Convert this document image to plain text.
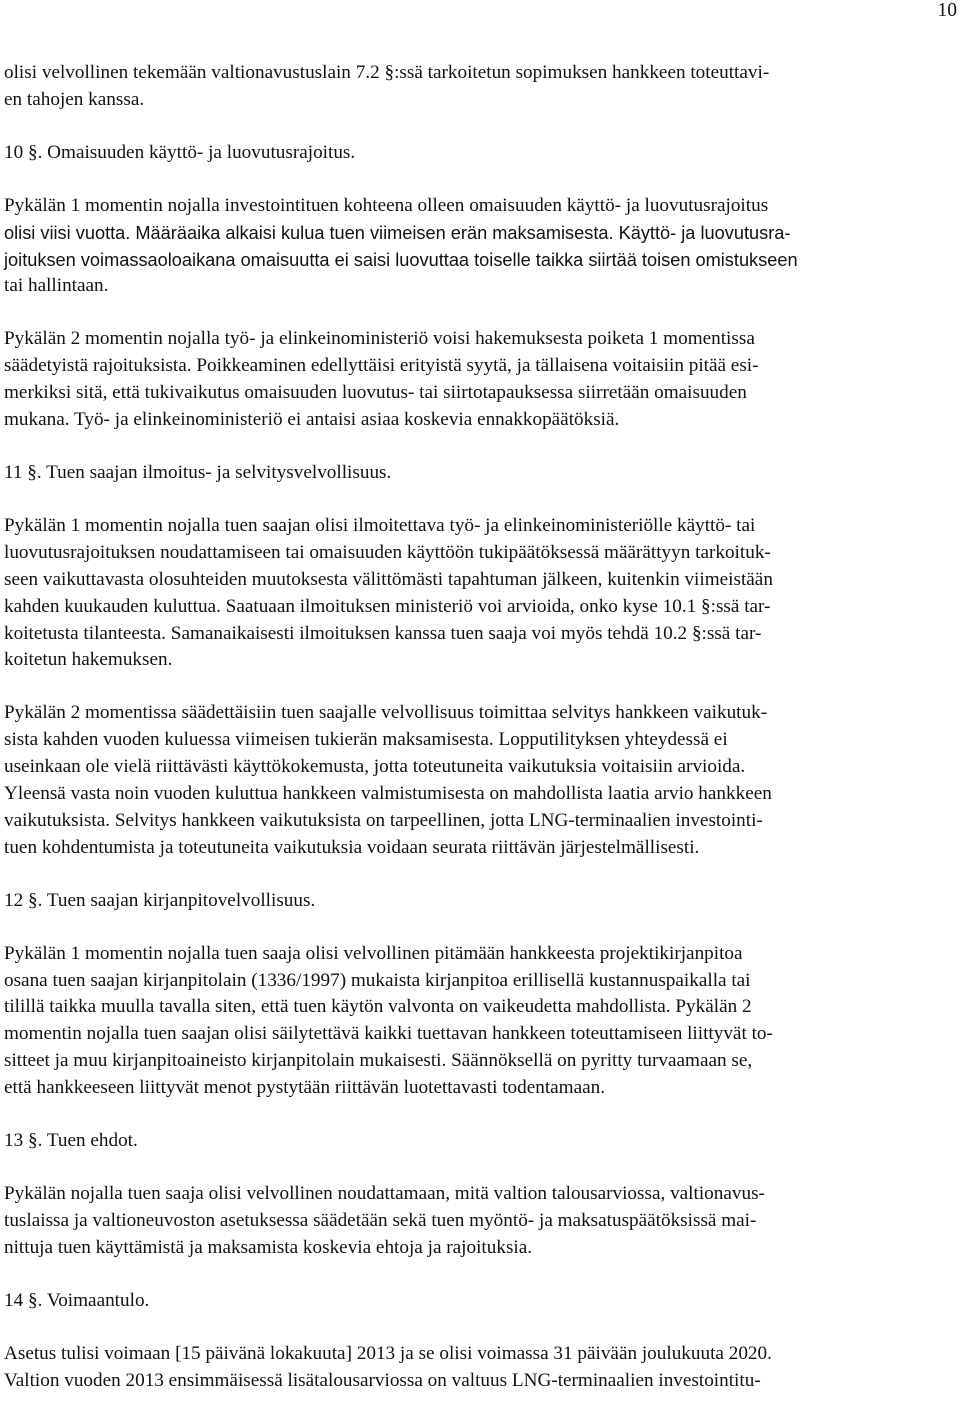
10
olisi velvollinen tekemään valtionavustuslain 7.2 §:ssä tarkoitetun sopimuksen hankkeen toteuttavi-
en tahojen kanssa.
10 §. Omaisuuden käyttö- ja luovutusrajoitus.
Pykälän 1 momentin nojalla investointituen kohteena olleen omaisuuden käyttö- ja luovutusrajoitus
olisi viisi vuotta. Määräaika alkaisi kulua tuen viimeisen erän maksamisesta. Käyttö- ja luovutusra-
joituksen voimassaoloaikana omaisuutta ei saisi luovuttaa toiselle taikka siirtää toisen omistukseen
tai hallintaan.
Pykälän 2 momentin nojalla työ- ja elinkeinoministeriö voisi hakemuksesta poiketa 1 momentissa
säädetyistä rajoituksista. Poikkeaminen edellyttäisi erityistä syytä, ja tällaisena voitaisiin pitää esi-
merkiksi sitä, että tukivaikutus omaisuuden luovutus- tai siirtotapauksessa siirretään omaisuuden
mukana. Työ- ja elinkeinoministeriö ei antaisi asiaa koskevia ennakkopäätöksiä.
11 §. Tuen saajan ilmoitus- ja selvitysvelvollisuus.
Pykälän 1 momentin nojalla tuen saajan olisi ilmoitettava työ- ja elinkeinoministeriölle käyttö- tai
luovutusrajoituksen noudattamiseen tai omaisuuden käyttöön tukipäätöksessä määrättyyn tarkoituk-
seen vaikuttavasta olosuhteiden muutoksesta välittömästi tapahtuman jälkeen, kuitenkin viimeistään
kahden kuukauden kuluttua. Saatuaan ilmoituksen ministeriö voi arvioida, onko kyse 10.1 §:ssä tar-
koitetusta tilanteesta. Samanaikaisesti ilmoituksen kanssa tuen saaja voi myös tehdä 10.2 §:ssä tar-
koitetun hakemuksen.
Pykälän 2 momentissa säädettäisiin tuen saajalle velvollisuus toimittaa selvitys hankkeen vaikutuk-
sista kahden vuoden kuluessa viimeisen tukierän maksamisesta. Lopputilityksen yhteydessä ei
useinkaan ole vielä riittävästi käyttökokemusta, jotta toteutuneita vaikutuksia voitaisiin arvioida.
Yleensä vasta noin vuoden kuluttua hankkeen valmistumisesta on mahdollista laatia arvio hankkeen
vaikutuksista. Selvitys hankkeen vaikutuksista on tarpeellinen, jotta LNG-terminaalien investointi-
tuen kohdentumista ja toteutuneita vaikutuksia voidaan seurata riittävän järjestelmällisesti.
12 §. Tuen saajan kirjanpitovelvollisuus.
Pykälän 1 momentin nojalla tuen saaja olisi velvollinen pitämään hankkeesta projektikirjanpitoa
osana tuen saajan kirjanpitolain (1336/1997) mukaista kirjanpitoa erillisellä kustannuspaikalla tai
tilillä taikka muulla tavalla siten, että tuen käytön valvonta on vaikeudetta mahdollista. Pykälän 2
momentin nojalla tuen saajan olisi säilytettävä kaikki tuettavan hankkeen toteuttamiseen liittyvät to-
sitteet ja muu kirjanpitoaineisto kirjanpitolain mukaisesti. Säännöksellä on pyritty turvaamaan se,
että hankkeeseen liittyvät menot pystytään riittävän luotettavasti todentamaan.
13 §. Tuen ehdot.
Pykälän nojalla tuen saaja olisi velvollinen noudattamaan, mitä valtion talousarviossa, valtionavus-
tuslaissa ja valtioneuvoston asetuksessa säädetään sekä tuen myöntö- ja maksatuspäätöksissä mai-
nittuja tuen käyttämistä ja maksamista koskevia ehtoja ja rajoituksia.
14 §. Voimaantulo.
Asetus tulisi voimaan [15 päivänä lokakuuta] 2013 ja se olisi voimassa 31 päivään joulukuuta 2020.
Valtion vuoden 2013 ensimmäisessä lisätalousarviossa on valtuus LNG-terminaalien investointitu-
